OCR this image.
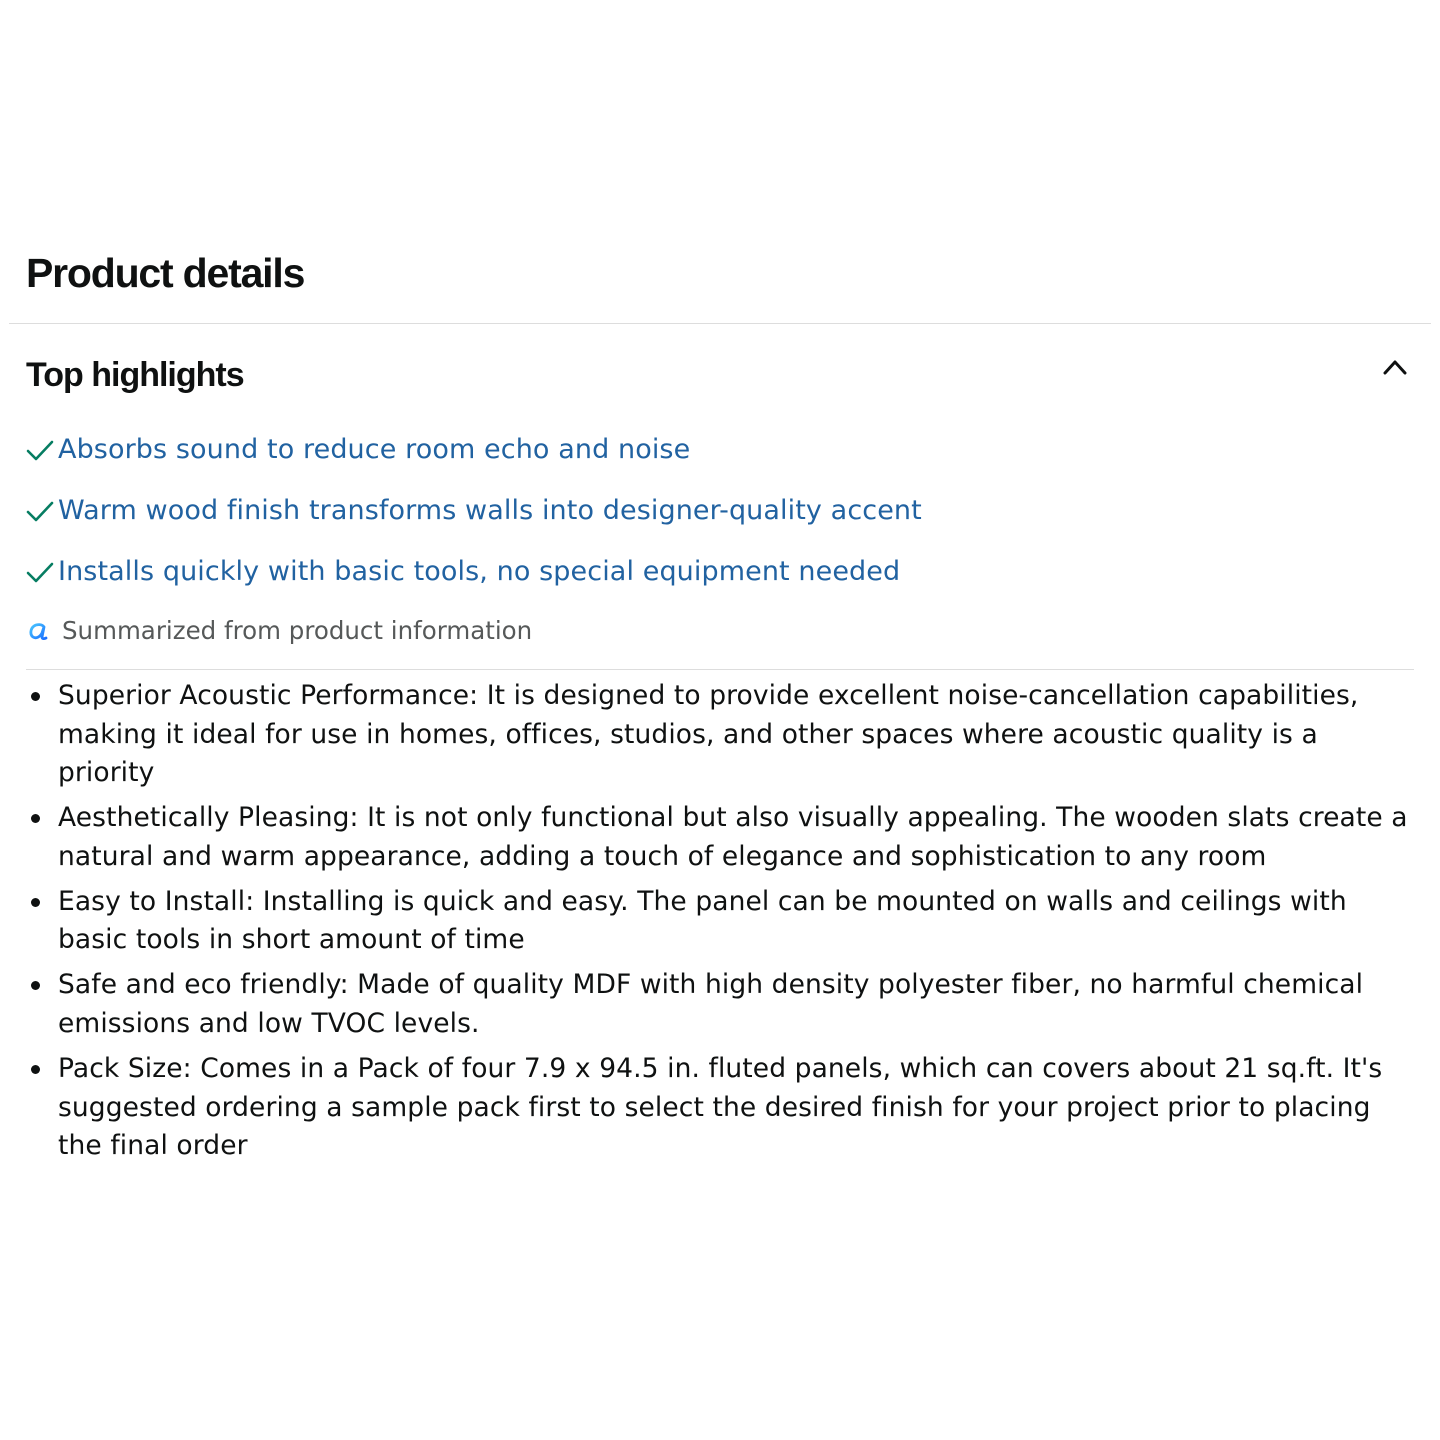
Product details
Top highlights
Absorbs sound to reduce room echo and noise
Warm wood finish transforms walls into designer-quality accent
Installs quickly with basic tools, no special equipment needed
Summarized from product information
Superior Acoustic Performance: It is designed to provide excellent noise-cancellation capabilities, making it ideal for use in homes, offices, studios, and other spaces where acoustic quality is a priority
Aesthetically Pleasing: It is not only functional but also visually appealing. The wooden slats create a natural and warm appearance, adding a touch of elegance and sophistication to any room
Easy to Install: Installing is quick and easy. The panel can be mounted on walls and ceilings with basic tools in short amount of time
Safe and eco friendly: Made of quality MDF with high density polyester fiber, no harmful chemical emissions and low TVOC levels.
Pack Size: Comes in a Pack of four 7.9 x 94.5 in. fluted panels, which can covers about 21 sq.ft. It's suggested ordering a sample pack first to select the desired finish for your project prior to placing the final order
